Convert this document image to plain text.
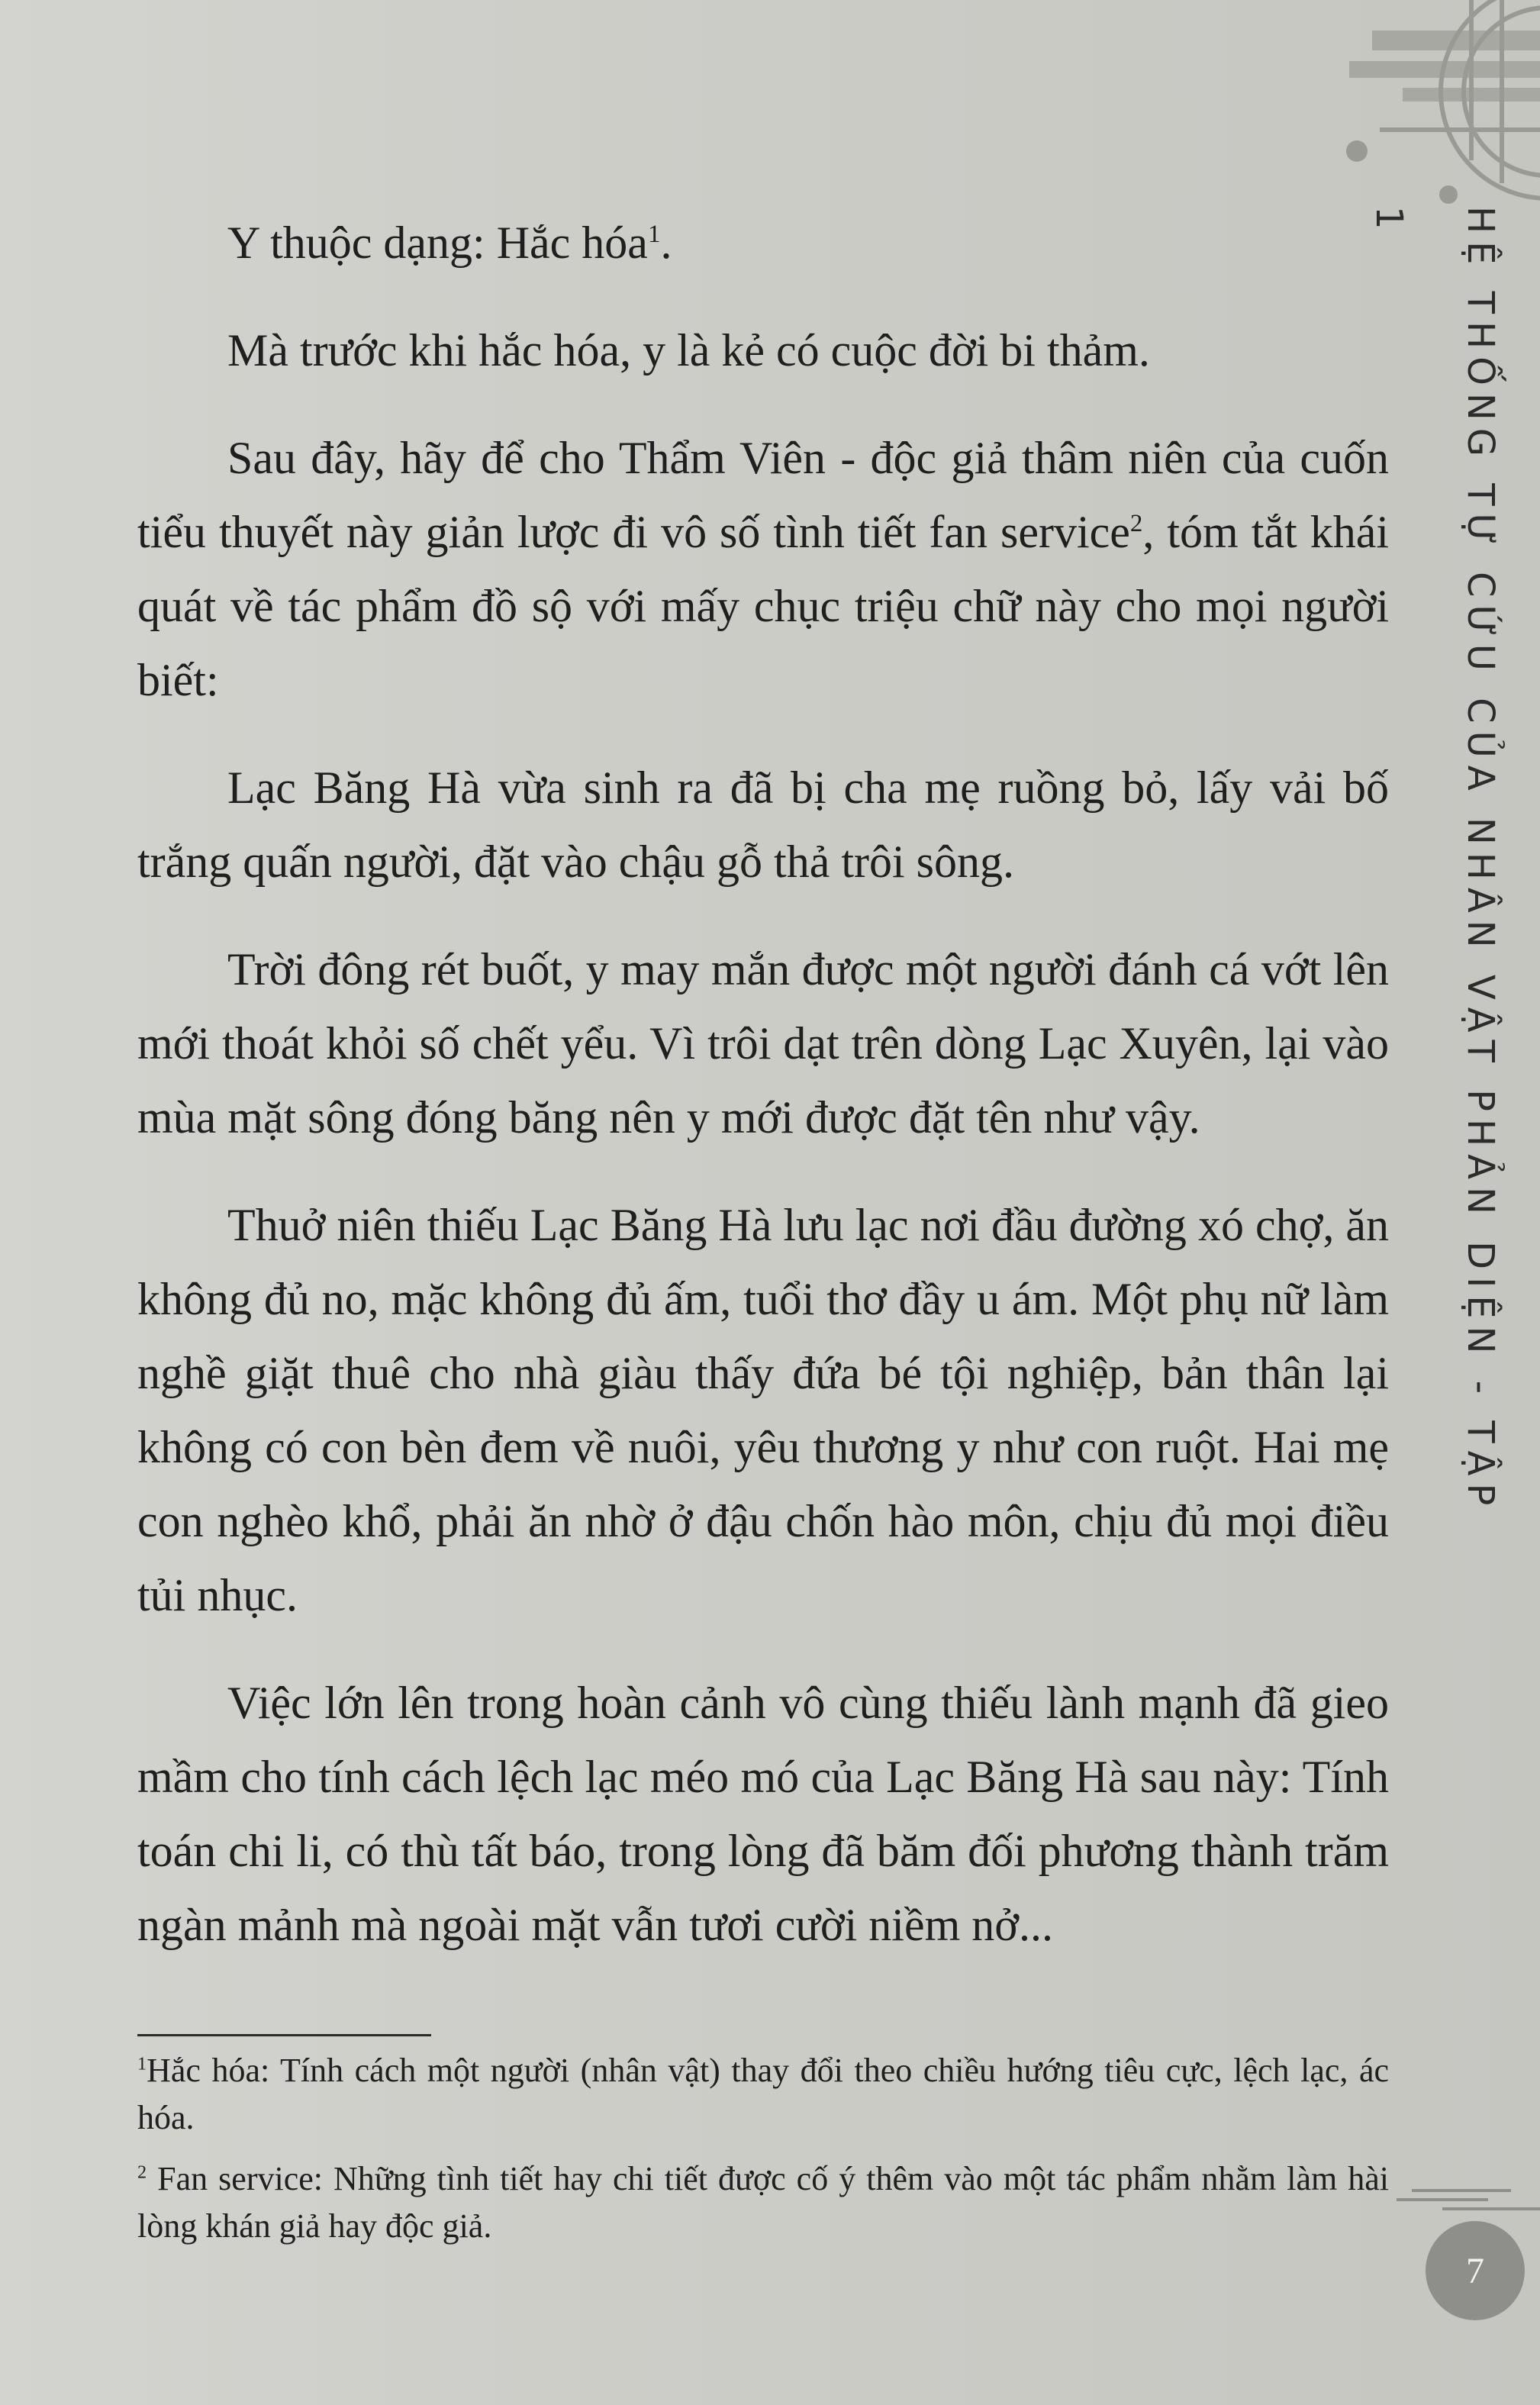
HỆ THỐNG TỰ CỨU CỦA NHÂN VẬT PHẢN DIỆN - TẬP 1

Y thuộc dạng: Hắc hóa$^1$.

Mà trước khi hắc hóa, y là kẻ có cuộc đời bi thảm.

Sau đây, hãy để cho Thẩm Viên - độc giả thâm niên của cuốn tiểu thuyết này giản lược đi vô số tình tiết fan service$^2$, tóm tắt khái quát về tác phẩm đồ sộ với mấy chục triệu chữ này cho mọi người biết:

Lạc Băng Hà vừa sinh ra đã bị cha mẹ ruồng bỏ, lấy vải bố trắng quấn người, đặt vào chậu gỗ thả trôi sông.

Trời đông rét buốt, y may mắn được một người đánh cá vớt lên mới thoát khỏi số chết yểu. Vì trôi dạt trên dòng Lạc Xuyên, lại vào mùa mặt sông đóng băng nên y mới được đặt tên như vậy.

Thuở niên thiếu Lạc Băng Hà lưu lạc nơi đầu đường xó chợ, ăn không đủ no, mặc không đủ ấm, tuổi thơ đầy u ám. Một phụ nữ làm nghề giặt thuê cho nhà giàu thấy đứa bé tội nghiệp, bản thân lại không có con bèn đem về nuôi, yêu thương y như con ruột. Hai mẹ con nghèo khổ, phải ăn nhờ ở đậu chốn hào môn, chịu đủ mọi điều tủi nhục.

Việc lớn lên trong hoàn cảnh vô cùng thiếu lành mạnh đã gieo mầm cho tính cách lệch lạc méo mó của Lạc Băng Hà sau này: Tính toán chi li, có thù tất báo, trong lòng đã băm đối phương thành trăm ngàn mảnh mà ngoài mặt vẫn tươi cười niềm nở...

$^1$Hắc hóa: Tính cách một người (nhân vật) thay đổi theo chiều hướng tiêu cực, lệch lạc, ác hóa.

$^2$ Fan service: Những tình tiết hay chi tiết được cố ý thêm vào một tác phẩm nhằm làm hài lòng khán giả hay độc giả.

7
